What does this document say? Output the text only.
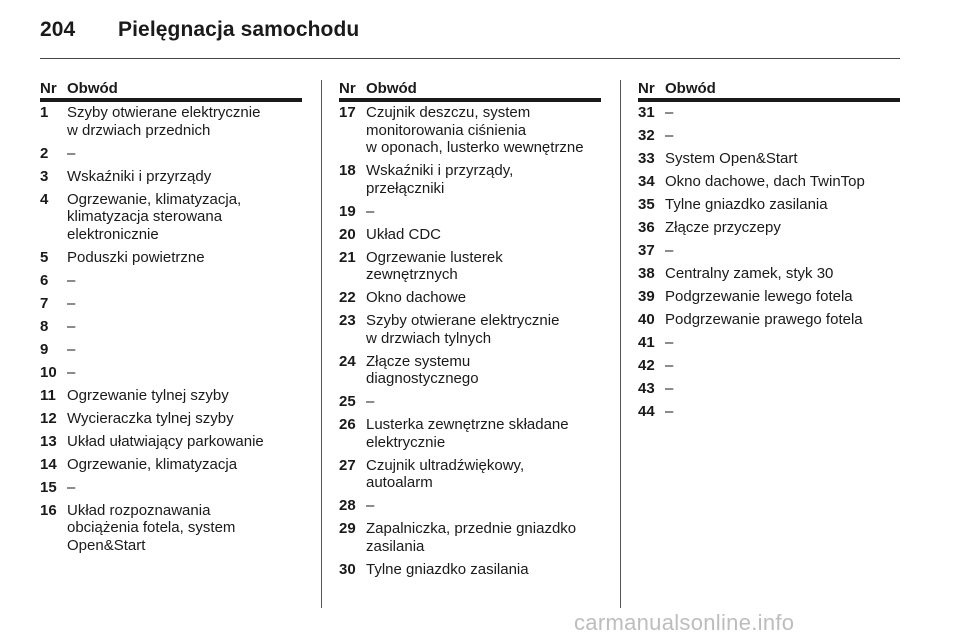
204 Pielęgnacja samochodu
Nr Obwód
1	Szyby otwierane elektrycznie
w drzwiach przednich
2	–
3	Wskaźniki i przyrządy
4	Ogrzewanie, klimatyzacja,
klimatyzacja sterowana
elektronicznie
5	Poduszki powietrzne
6	–
7	–
8	–
9	–
10 –
11 Ogrzewanie tylnej szyby
12 Wycieraczka tylnej szyby
13 Układ ułatwiający parkowanie
14 Ogrzewanie, klimatyzacja
15 –
16 Układ rozpoznawania
obciążenia fotela, system
Open&Start
Nr Obwód
17 Czujnik deszczu, system
monitorowania ciśnienia
w oponach, lusterko wewnętrzne
18 Wskaźniki i przyrządy,
przełączniki
19 –
20 Układ CDC
21 Ogrzewanie lusterek
zewnętrznych
22 Okno dachowe
23 Szyby otwierane elektrycznie
w drzwiach tylnych
24 Złącze systemu
diagnostycznego
25 –
26 Lusterka zewnętrzne składane
elektrycznie
27 Czujnik ultradźwiękowy,
autoalarm
28 –
29 Zapalniczka, przednie gniazdko
zasilania
30 Tylne gniazdko zasilania
Nr Obwód
31 –
32 –
33 System Open&Start
34 Okno dachowe, dach TwinTop
35 Tylne gniazdko zasilania
36 Złącze przyczepy
37 –
38 Centralny zamek, styk 30
39 Podgrzewanie lewego fotela
40 Podgrzewanie prawego fotela
41 –
42 –
43 –
44 –
carmanualsonline.info
